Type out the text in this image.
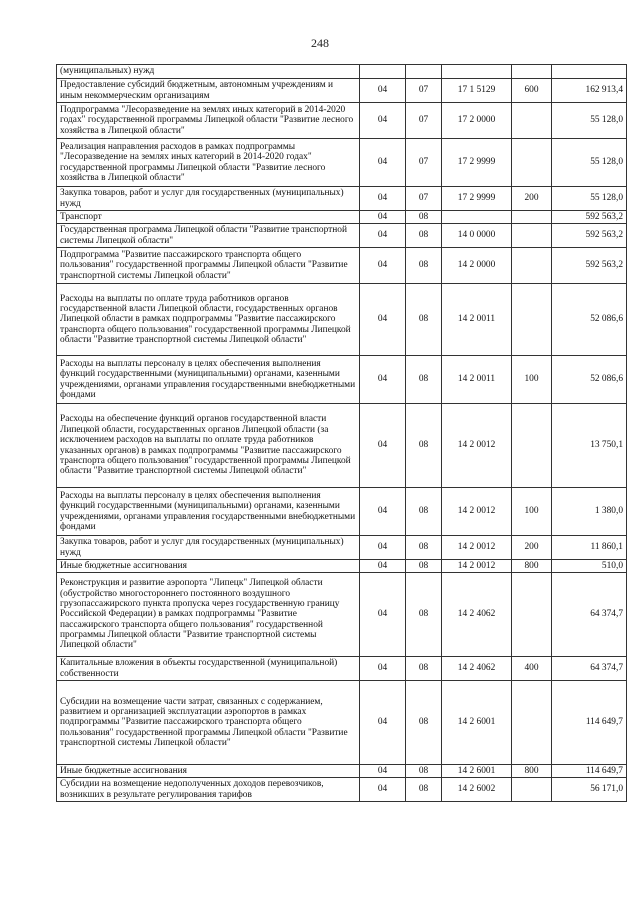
248
(муниципальных) нужд					
Предоставление субсидий бюджетным, автономным учреждениям и иным некоммерческим организациям	04	07	17 1 5129	600	162 913,4
Подпрограмма "Лесоразведение на землях иных категорий в 2014-2020 годах" государственной программы Липецкой области "Развитие лесного хозяйства в Липецкой области"	04	07	17 2 0000		55 128,0
Реализация направления расходов в рамках подпрограммы "Лесоразведение на землях иных категорий в 2014-2020 годах" государственной программы Липецкой области "Развитие лесного хозяйства в Липецкой области"	04	07	17 2 9999		55 128,0
Закупка товаров, работ и услуг для государственных (муниципальных) нужд	04	07	17 2 9999	200	55 128,0
Транспорт	04	08			592 563,2
Государственная программа Липецкой области "Развитие транспортной системы Липецкой области"	04	08	14 0 0000		592 563,2
Подпрограмма "Развитие пассажирского транспорта общего пользования" государственной программы Липецкой области "Развитие транспортной системы Липецкой области"	04	08	14 2 0000		592 563,2
Расходы на выплаты по оплате труда работников органов государственной власти Липецкой области, государственных органов Липецкой области в рамках подпрограммы "Развитие пассажирского транспорта общего пользования" государственной программы Липецкой области "Развитие транспортной системы Липецкой области"	04	08	14 2 0011		52 086,6
Расходы на выплаты персоналу в целях обеспечения выполнения функций государственными (муниципальными) органами, казенными учреждениями, органами управления государственными внебюджетными фондами	04	08	14 2 0011	100	52 086,6
Расходы на обеспечение функций органов государственной власти Липецкой области, государственных органов Липецкой области (за исключением расходов на выплаты по оплате труда работников указанных органов) в рамках подпрограммы "Развитие пассажирского транспорта общего пользования" государственной программы Липецкой области "Развитие транспортной системы Липецкой области"	04	08	14 2 0012		13 750,1
Расходы на выплаты персоналу в целях обеспечения выполнения функций государственными (муниципальными) органами, казенными учреждениями, органами управления государственными внебюджетными фондами	04	08	14 2 0012	100	1 380,0
Закупка товаров, работ и услуг для государственных (муниципальных) нужд	04	08	14 2 0012	200	11 860,1
Иные бюджетные ассигнования	04	08	14 2 0012	800	510,0
Реконструкция и развитие аэропорта "Липецк" Липецкой области (обустройство многостороннего постоянного воздушного грузопассажирского пункта пропуска через государственную границу Российской Федерации) в рамках подпрограммы "Развитие пассажирского транспорта общего пользования" государственной программы Липецкой области "Развитие транспортной системы Липецкой области"	04	08	14 2 4062		64 374,7
Капитальные вложения в объекты государственной (муниципальной) собственности	04	08	14 2 4062	400	64 374,7
Субсидии на возмещение части затрат, связанных с содержанием, развитием и организацией эксплуатации аэропортов в рамках подпрограммы "Развитие пассажирского транспорта общего пользования" государственной программы Липецкой области "Развитие транспортной системы Липецкой области"	04	08	14 2 6001		114 649,7
Иные бюджетные ассигнования	04	08	14 2 6001	800	114 649,7
Субсидии на возмещение недополученных доходов перевозчиков, возникших в результате регулирования тарифов	04	08	14 2 6002		56 171,0
